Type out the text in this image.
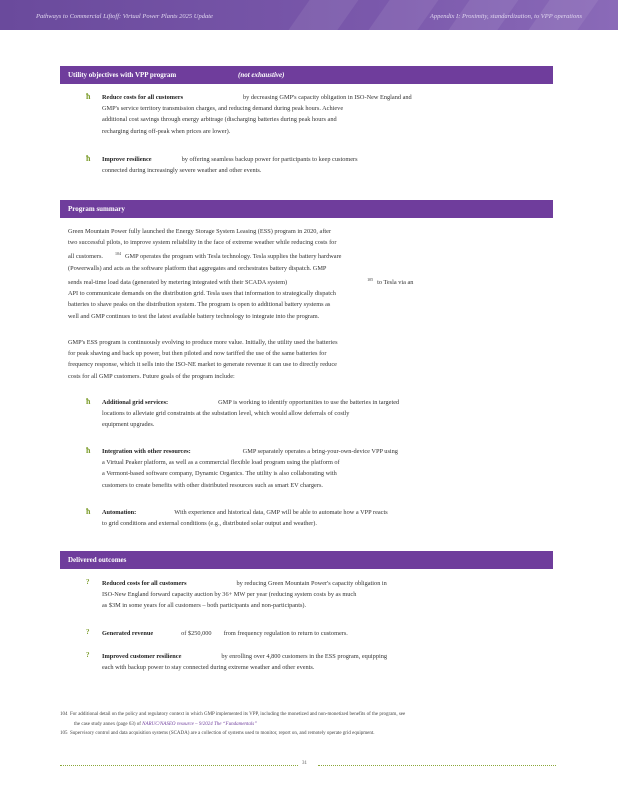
Pathways to Commercial Liftoff: Virtual Power Plants 2025 Update	Appendix I: Proximity, standardization, to VPP operations
Utility objectives with VPP program	(not exhaustive)
ħ Reduce costs for all customers	by decreasing GMP's capacity obligation in ISO-New England and
GMP's service territory transmission charges, and reducing demand during peak hours. Achieve
additional cost savings through energy arbitrage (discharging batteries during peak hours and
recharging during off-peak when prices are lower).

ħ Improve resilience	by offering seamless backup power for participants to keep customers
connected during increasingly severe weather and other events.

Program summary

Green Mountain Power fully launched the Energy Storage System Leasing (ESS) program in 2020, after
two successful pilots, to improve system reliability in the face of extreme weather while reducing costs for
all customers.	$^{104}$ GMP operates the program with Tesla technology. Tesla supplies the battery hardware
(Powerwalls) and acts as the software platform that aggregates and orchestrates battery dispatch. GMP
sends real-time load data (generated by metering integrated with their SCADA system)	$^{105}$ to Tesla via an
API to communicate demands on the distribution grid. Tesla uses that information to strategically dispatch
batteries to shave peaks on the distribution system. The program is open to additional battery systems as
well and GMP continues to test the latest available battery technology to integrate into the program.

GMP's ESS program is continuously evolving to produce more value. Initially, the utility used the batteries
for peak shaving and back up power, but then piloted and now tariffed the use of the same batteries for
frequency response, which it sells into the ISO-NE market to generate revenue it can use to directly reduce
costs for all GMP customers. Future goals of the program include:

ħ Additional grid services:	GMP is working to identify opportunities to use the batteries in targeted
locations to alleviate grid constraints at the substation level, which would allow deferrals of costly
equipment upgrades.

ħ Integration with other resources:	GMP separately operates a bring-your-own-device VPP using
a Virtual Peaker platform, as well as a commercial flexible load program using the platform of
a Vermont-based software company, Dynamic Organics. The utility is also collaborating with
customers to create benefits with other distributed resources such as smart EV chargers.

ħ Automation:	With experience and historical data, GMP will be able to automate how a VPP reacts
to grid conditions and external conditions (e.g., distributed solar output and weather).

Delivered outcomes
? Reduced costs for all customers	by reducing Green Mountain Power's capacity obligation in
ISO-New England forward capacity auction by 36+ MW per year (reducing system costs by as much
as $3M in some years for all customers – both participants and non-participants).

? Generated revenue	of $250,000 from frequency regulation to return to customers.

? Improved customer resilience	by enrolling over 4,800 customers in the ESS program, equipping
each with backup power to stay connected during extreme weather and other events.

104 For additional detail on the policy and regulatory context in which GMP implemented its VPP, including the monetized and non-monetized benefits of the program, see
the case study annex (page 63) of NARUC/NASEO resource – 9/2024 The “Fundamentals”
105 Supervisory control and data acquisition systems (SCADA) are a collection of systems used to monitor, report on, and remotely operate grid equipment.
31
